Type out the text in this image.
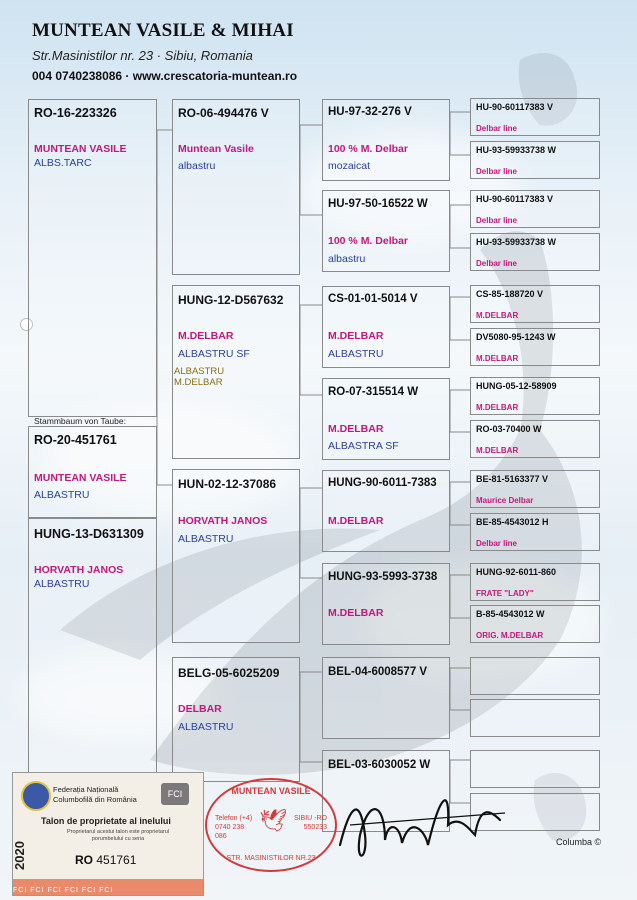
MUNTEAN VASILE & MIHAI
Str.Masinistilor nr. 23 · Sibiu, Romania
004 0740238086 · www.crescatoria-muntean.ro
RO-16-223326
MUNTEAN VASILE
ALBS.TARC
Stammbaum von Taube:
RO-20-451761
MUNTEAN VASILE
ALBASTRU
HUNG-13-D631309
HORVATH JANOS
ALBASTRU
RO-06-494476 V
Muntean Vasile
albastru
HUNG-12-D567632
M.DELBAR
ALBASTRU SF
ALBASTRU
M.DELBAR
HUN-02-12-37086
HORVATH JANOS
ALBASTRU
BELG-05-6025209
DELBAR
ALBASTRU
HU-97-32-276 V
100 % M. Delbar
mozaicat
HU-97-50-16522 W
100 % M. Delbar
albastru
CS-01-01-5014 V
M.DELBAR
ALBASTRU
RO-07-315514 W
M.DELBAR
ALBASTRA SF
HUNG-90-6011-7383
M.DELBAR
HUNG-93-5993-3738
M.DELBAR
BEL-04-6008577 V
BEL-03-6030052 W
HU-90-60117383 V
Delbar line
HU-93-59933738 W
Delbar line
HU-90-60117383 V
Delbar line
HU-93-59933738 W
Delbar line
CS-85-188720 V
M.DELBAR
DV5080-95-1243 W
M.DELBAR
HUNG-05-12-58909
M.DELBAR
RO-03-70400 W
M.DELBAR
BE-81-5163377 V
Maurice Delbar
BE-85-4543012 H
Delbar line
HUNG-92-6011-860
FRATE "LADY"
B-85-4543012 W
ORIG. M.DELBAR
FCI
Federația Națională
Columbofilă din România
Talon de proprietate al inelului
Proprietarul acestui talon este proprietarul porumbelului cu seria
2020	RO 451761
FCI FCI FCI FCI FCI FCI
MUNTEAN VASILE
Telefon (+4) 0740 238 086
🕊	SIBIU -RO 550233
STR. MASINISTILOR NR.23
Columba ©
